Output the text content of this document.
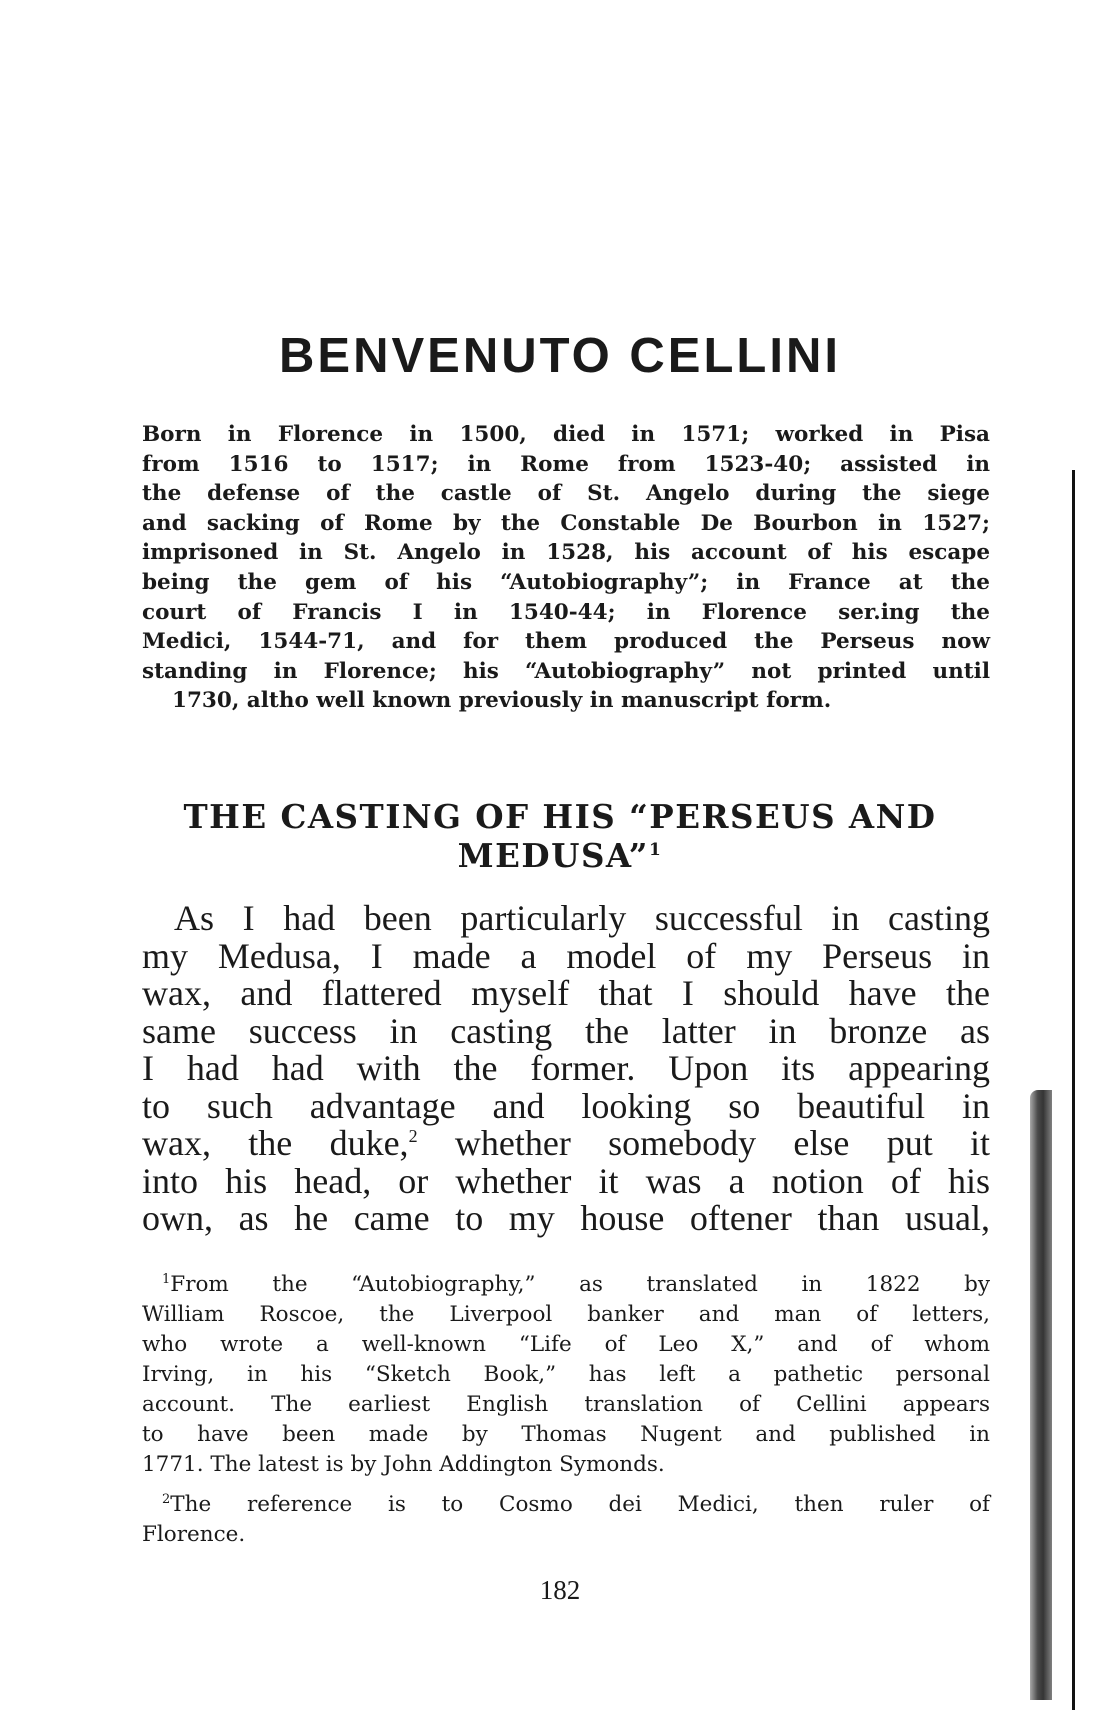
BENVENUTO CELLINI
Born in Florence in 1500, died in 1571; worked in Pisa
from 1516 to 1517; in Rome from 1523-40; assisted in
the defense of the castle of St. Angelo during the siege
and sacking of Rome by the Constable De Bourbon in 1527;
imprisoned in St. Angelo in 1528, his account of his escape
being the gem of his “Autobiography”; in France at the
court of Francis I in 1540-44; in Florence ser.ing the
Medici, 1544-71, and for them produced the Perseus now
standing in Florence; his “Autobiography” not printed until
1730, altho well known previously in manuscript form.
THE CASTING OF HIS “PERSEUS AND
MEDUSA”$^1$
As I had been particularly successful in casting
my Medusa, I made a model of my Perseus in
wax, and flattered myself that I should have the
same success in casting the latter in bronze as
I had had with the former. Upon its appearing
to such advantage and looking so beautiful in
wax, the duke,$^2$ whether somebody else put it
into his head, or whether it was a notion of his
own, as he came to my house oftener than usual,
$^1$From the “Autobiography,” as translated in 1822 by
William Roscoe, the Liverpool banker and man of letters,
who wrote a well-known “Life of Leo X,” and of whom
Irving, in his “Sketch Book,” has left a pathetic personal
account. The earliest English translation of Cellini appears
to have been made by Thomas Nugent and published in
1771. The latest is by John Addington Symonds.
$^2$The reference is to Cosmo dei Medici, then ruler of
Florence.
182
